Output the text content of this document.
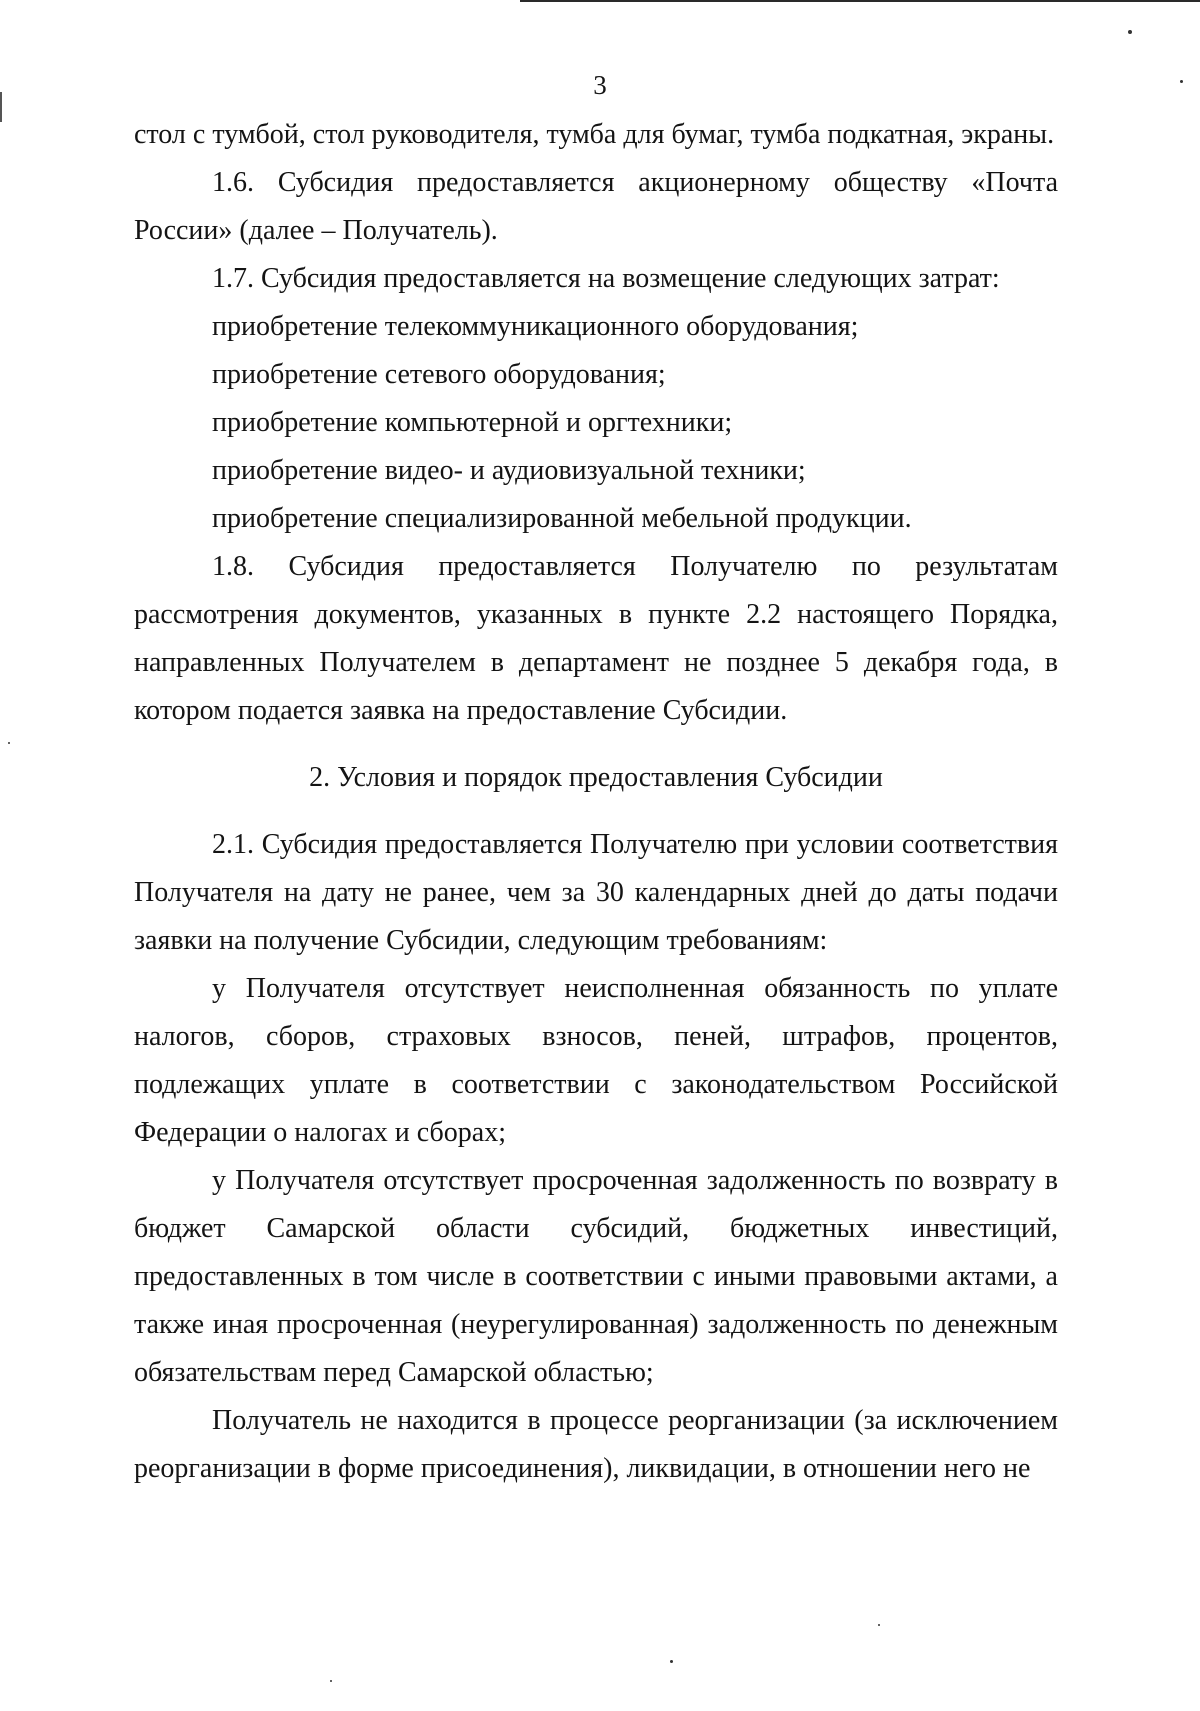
3

стол с тумбой, стол руководителя, тумба для бумаг, тумба подкатная, экраны.

1.6. Субсидия предоставляется акционерному обществу «Почта России» (далее – Получатель).

1.7. Субсидия предоставляется на возмещение следующих затрат:

приобретение телекоммуникационного оборудования;

приобретение сетевого оборудования;

приобретение компьютерной и оргтехники;

приобретение видео- и аудиовизуальной техники;

приобретение специализированной мебельной продукции.

1.8. Субсидия предоставляется Получателю по результатам рассмотрения документов, указанных в пункте 2.2 настоящего Порядка, направленных Получателем в департамент не позднее 5 декабря года, в котором подается заявка на предоставление Субсидии.

2. Условия и порядок предоставления Субсидии

2.1. Субсидия предоставляется Получателю при условии соответствия Получателя на дату не ранее, чем за 30 календарных дней до даты подачи заявки на получение Субсидии, следующим требованиям:

у Получателя отсутствует неисполненная обязанность по уплате налогов, сборов, страховых взносов, пеней, штрафов, процентов, подлежащих уплате в соответствии с законодательством Российской Федерации о налогах и сборах;

у Получателя отсутствует просроченная задолженность по возврату в бюджет Самарской области субсидий, бюджетных инвестиций, предоставленных в том числе в соответствии с иными правовыми актами, а также иная просроченная (неурегулированная) задолженность по денежным обязательствам перед Самарской областью;

Получатель не находится в процессе реорганизации (за исключением реорганизации в форме присоединения), ликвидации, в отношении него не
